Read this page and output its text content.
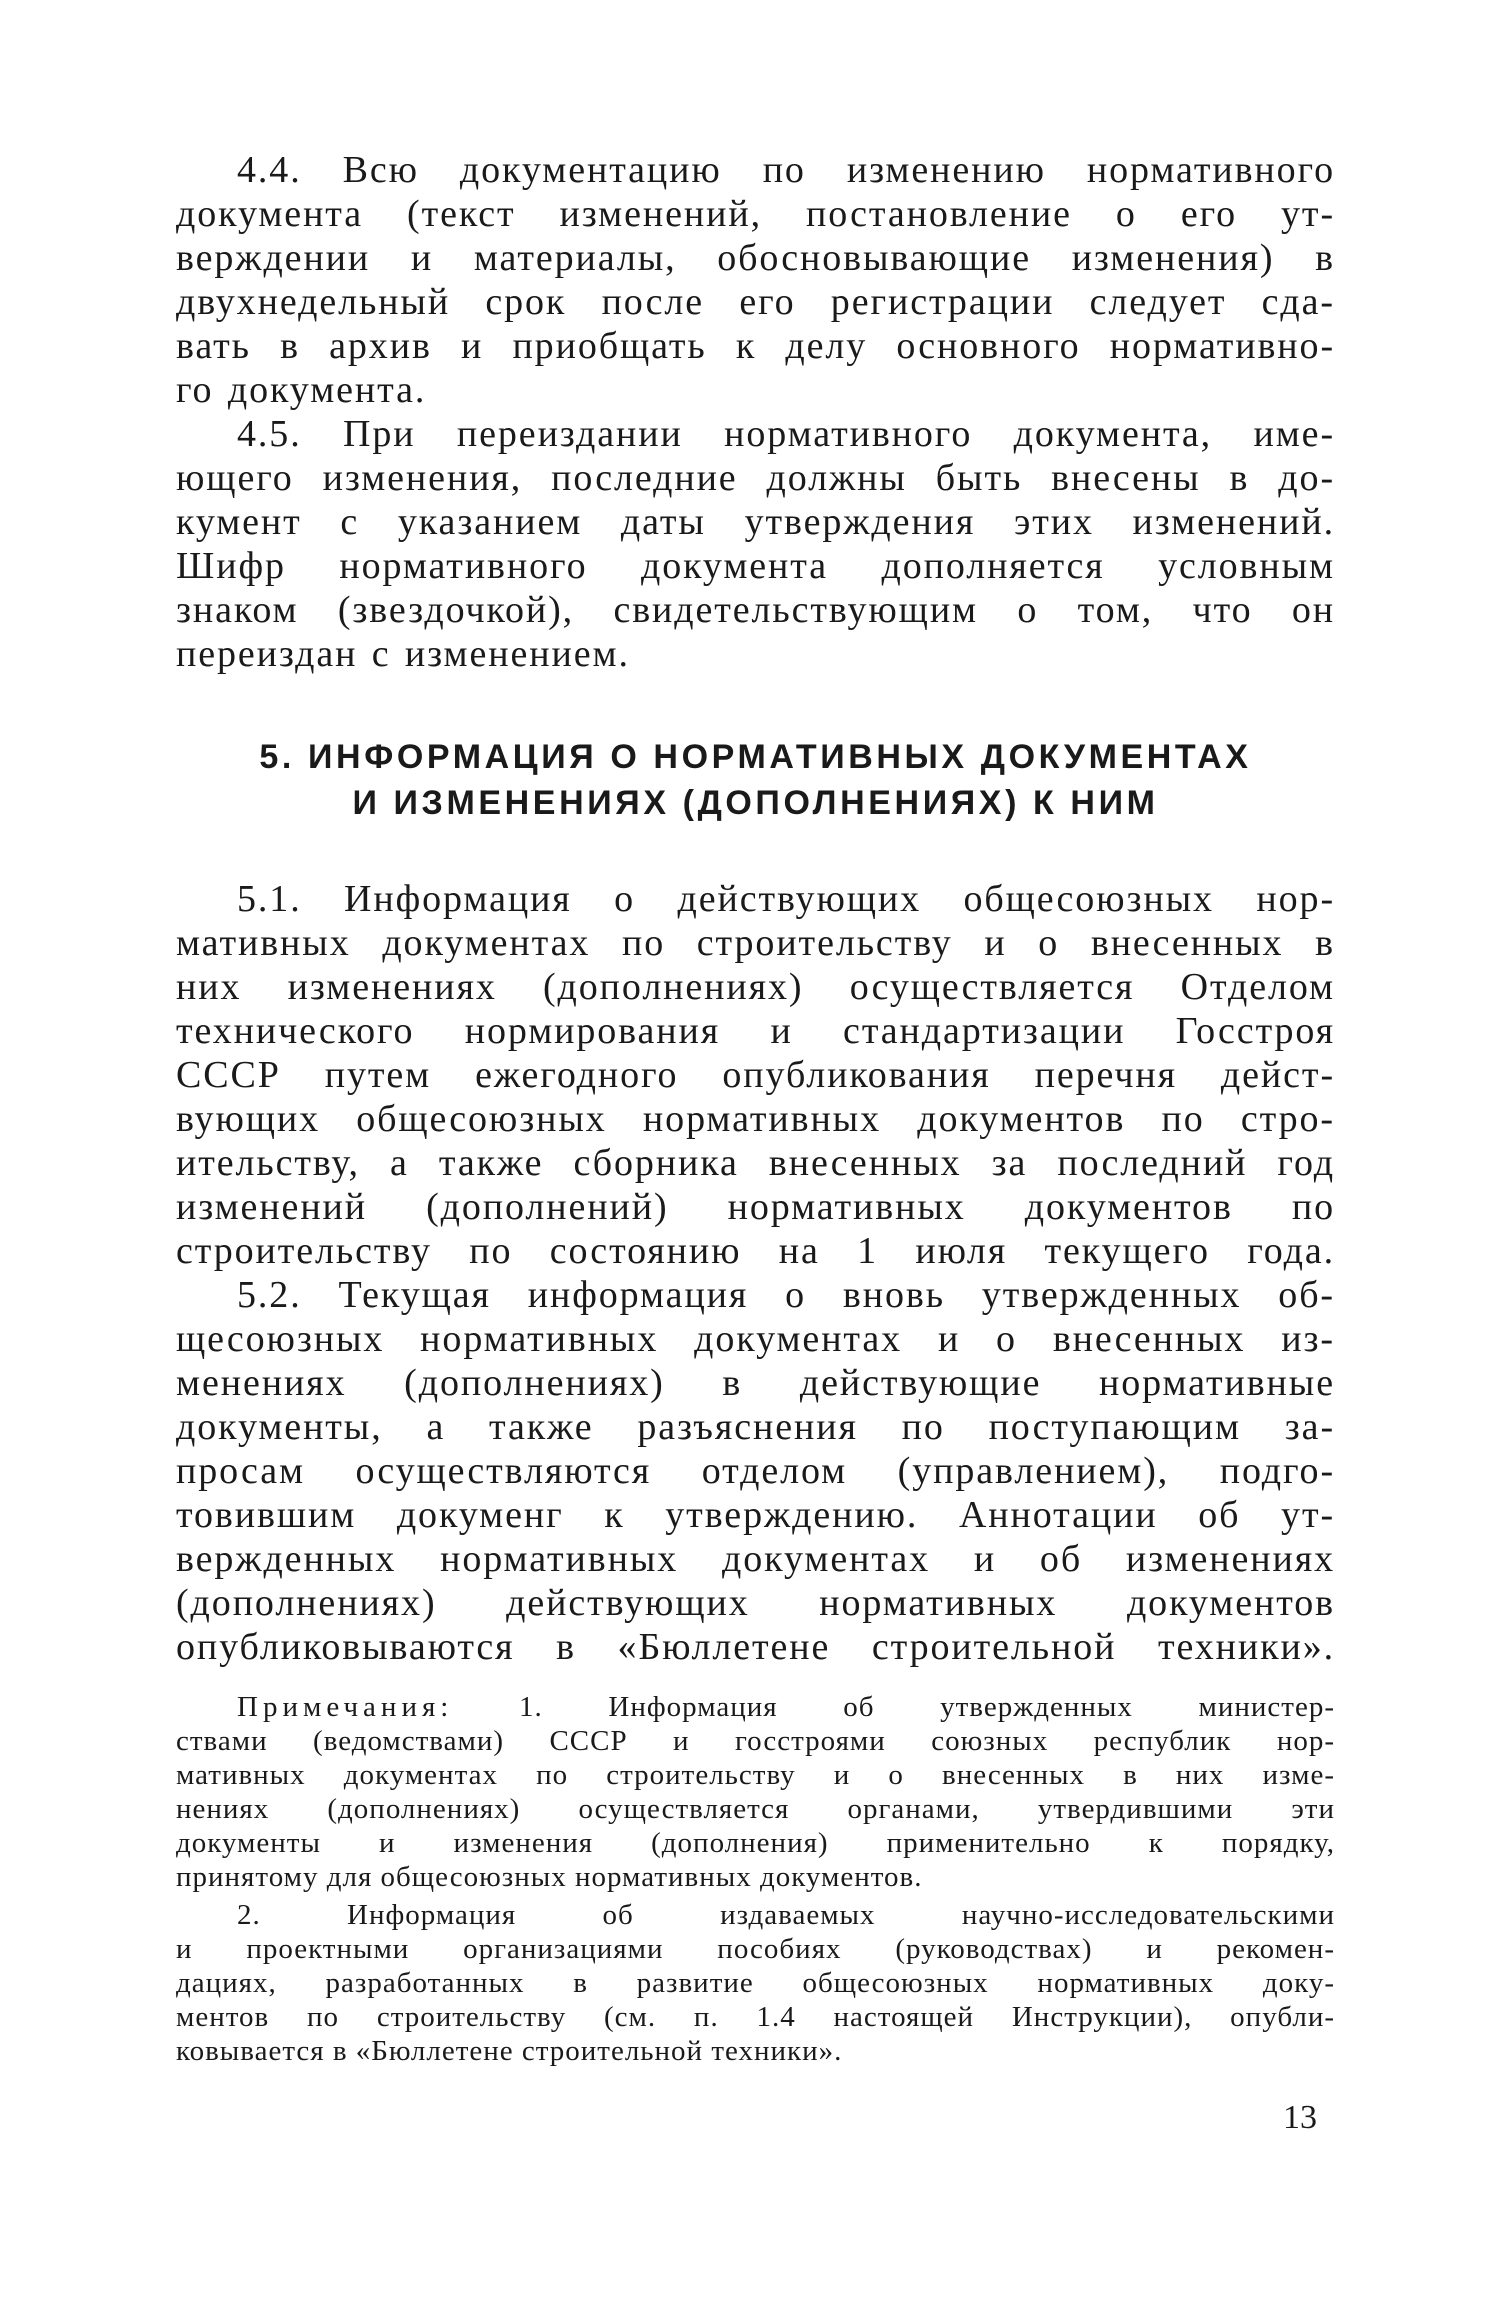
4.4. Всю документацию по изменению нормативного

документа (текст изменений, постановление о его ут-

верждении и материалы, обосновывающие изменения) в

двухнедельный срок после его регистрации следует сда-

вать в архив и приобщать к делу основного нормативно-

го документа.

4.5. При переиздании нормативного документа, име-

ющего изменения, последние должны быть внесены в до-

кумент с указанием даты утверждения этих изменений.

Шифр нормативного документа дополняется условным

знаком (звездочкой), свидетельствующим о том, что он

переиздан с изменением.

5. ИНФОРМАЦИЯ О НОРМАТИВНЫХ ДОКУМЕНТАХ

И ИЗМЕНЕНИЯХ (ДОПОЛНЕНИЯХ) К НИМ

5.1. Информация о действующих общесоюзных нор-

мативных документах по строительству и о внесенных в

них изменениях (дополнениях) осуществляется Отделом

технического нормирования и стандартизации Госстроя

СССР путем ежегодного опубликования перечня дейст-

вующих общесоюзных нормативных документов по стро-

ительству, а также сборника внесенных за последний год

изменений (дополнений) нормативных документов по

строительству по состоянию на 1 июля текущего года.

5.2. Текущая информация о вновь утвержденных об-

щесоюзных нормативных документах и о внесенных из-

менениях (дополнениях) в действующие нормативные

документы, а также разъяснения по поступающим за-

просам осуществляются отделом (управлением), подго-

товившим докуменг к утверждению. Аннотации об ут-

вержденных нормативных документах и об изменениях

(дополнениях) действующих нормативных документов

опубликовываются в «Бюллетене строительной техники».

Примечания: 1. Информация об утвержденных министер-

ствами (ведомствами) СССР и госстроями союзных республик нор-

мативных документах по строительству и о внесенных в них изме-

нениях (дополнениях) осуществляется органами, утвердившими эти

документы и изменения (дополнения) применительно к порядку,

принятому для общесоюзных нормативных документов.

2. Информация об издаваемых научно-исследовательскими

и проектными организациями пособиях (руководствах) и рекомен-

дациях, разработанных в развитие общесоюзных нормативных доку-

ментов по строительству (см. п. 1.4 настоящей Инструкции), опубли-

ковывается в «Бюллетене строительной техники».

13
